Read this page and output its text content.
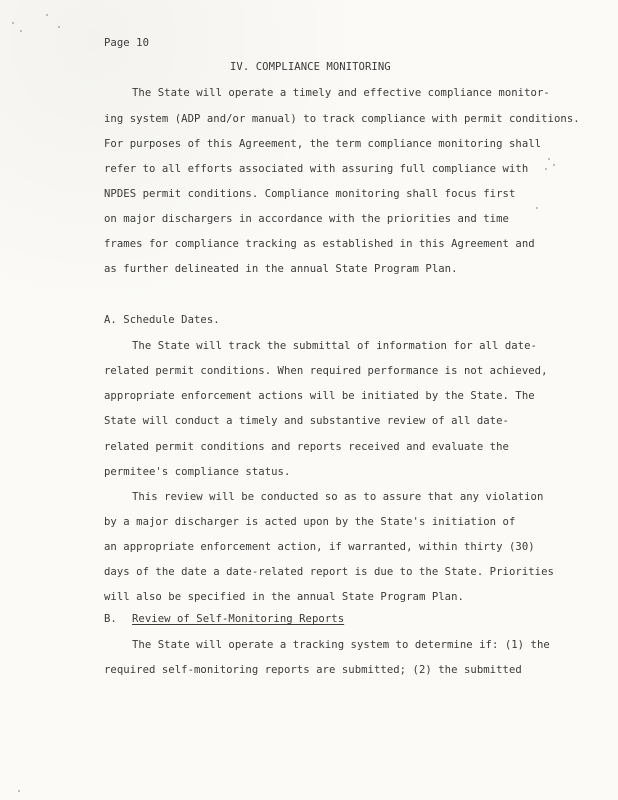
Page 10
IV. COMPLIANCE MONITORING
The State will operate a timely and effective compliance monitor-
ing system (ADP and/or manual) to track compliance with permit conditions.
For purposes of this Agreement, the term compliance monitoring shall
refer to all efforts associated with assuring full compliance with
NPDES permit conditions. Compliance monitoring shall focus first
on major dischargers in accordance with the priorities and time
frames for compliance tracking as established in this Agreement and
as further delineated in the annual State Program Plan.
A. Schedule Dates.
The State will track the submittal of information for all date-
related permit conditions. When required performance is not achieved,
appropriate enforcement actions will be initiated by the State. The
State will conduct a timely and substantive review of all date-
related permit conditions and reports received and evaluate the
permitee's compliance status.
This review will be conducted so as to assure that any violation
by a major discharger is acted upon by the State's initiation of
an appropriate enforcement action, if warranted, within thirty (30)
days of the date a date-related report is due to the State. Priorities
will also be specified in the annual State Program Plan.
B. Review of Self-Monitoring Reports
The State will operate a tracking system to determine if: (1) the
required self-monitoring reports are submitted; (2) the submitted
